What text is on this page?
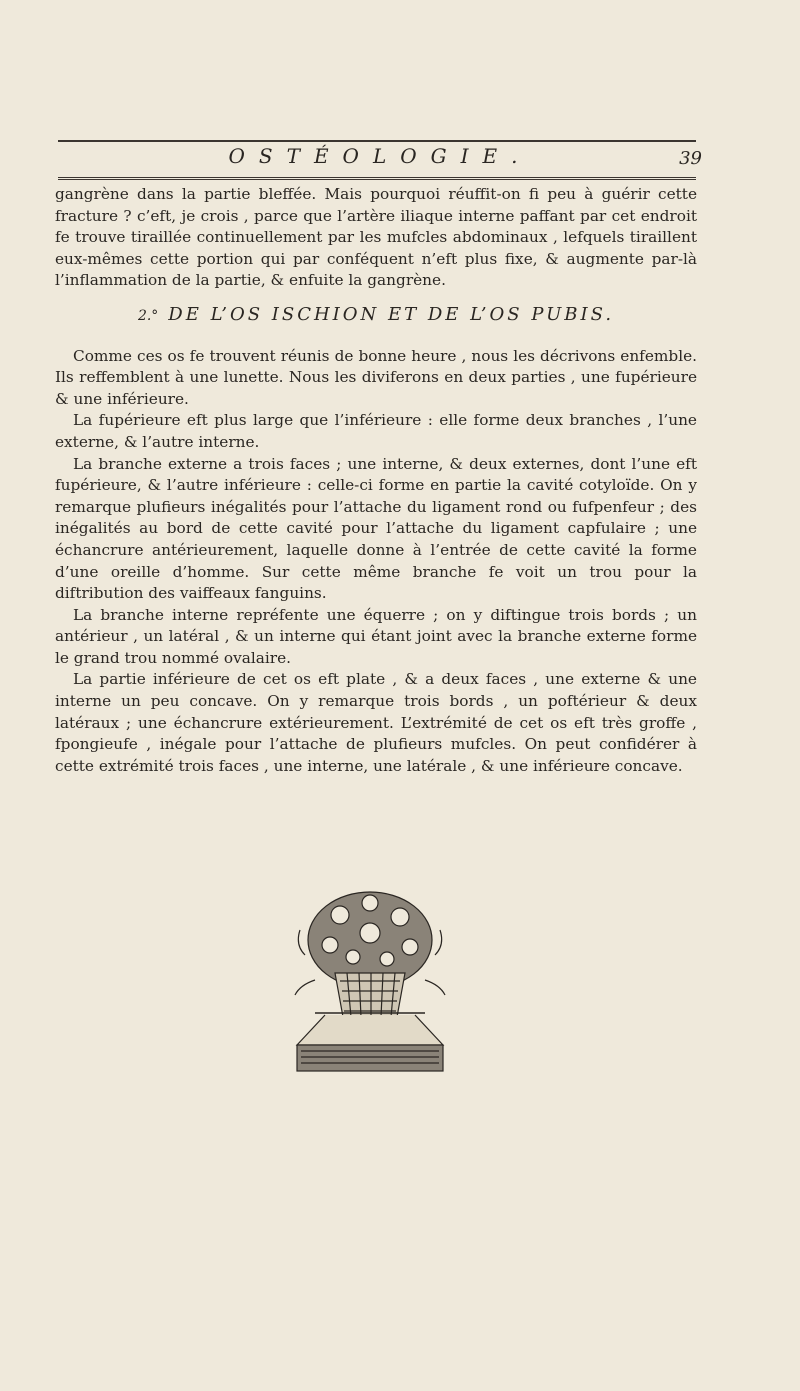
OSTÉOLOGIE.	39

gangrène dans la partie bleffée. Mais pourquoi réuffit-on fi peu à guérir cette fracture ? c’eft, je crois , parce que l’artère iliaque interne paffant par cet endroit fe trouve tiraillée continuellement par les mufcles abdominaux , lefquels tiraillent eux-mêmes cette portion qui par conféquent n’eft plus fixe, & augmente par-là l’inflammation de la partie, & enfuite la gangrène.

2.° DE L’OS ISCHION ET DE L’OS PUBIS.

Comme ces os fe trouvent réunis de bonne heure , nous les décrivons enfemble. Ils reffemblent à une lunette. Nous les diviferons en deux parties , une fupérieure & une inférieure.

La fupérieure eft plus large que l’inférieure : elle forme deux branches , l’une externe, & l’autre interne.

La branche externe a trois faces ; une interne, & deux externes, dont l’une eft fupérieure, & l’autre inférieure : celle-ci forme en partie la cavité cotyloïde. On y remarque plufieurs inégalités pour l’attache du ligament rond ou fufpenfeur ; des inégalités au bord de cette cavité pour l’attache du ligament capfulaire ; une échancrure antérieurement, laquelle donne à l’entrée de cette cavité la forme d’une oreille d’homme. Sur cette même branche fe voit un trou pour la diftribution des vaiffeaux fanguins.

La branche interne repréfente une équerre ; on y diftingue trois bords ; un antérieur , un latéral , & un interne qui étant joint avec la branche externe forme le grand trou nommé ovalaire.

La partie inférieure de cet os eft plate , & a deux faces , une externe & une interne un peu concave. On y remarque trois bords , un poftérieur & deux latéraux ; une échancrure extérieurement. L’extrémité de cet os eft très groffe , fpongieufe , inégale pour l’attache de plufieurs mufcles. On peut confidérer à cette extrémité trois faces , une interne, une latérale , & une inférieure concave.
